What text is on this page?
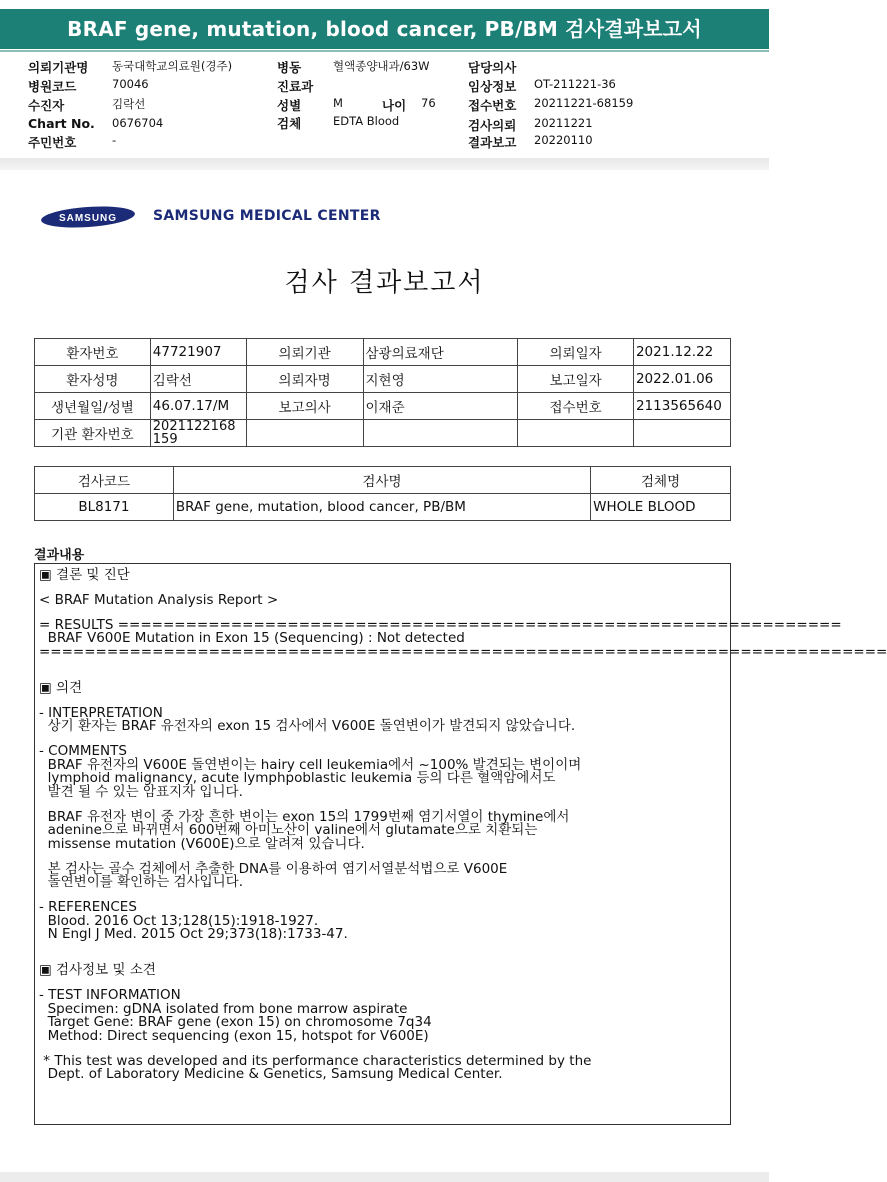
BRAF gene, mutation, blood cancer, PB/BM 검사결과보고서
의뢰기관명 동국대학교의료원(경주)
병원코드	70046
수진자	김락선
Chart No. 0676704
주민번호	-
병동	혈액종양내과/63W
진료과
성별	M	나이 76
검체	EDTA Blood
담당의사
임상정보 OT-211221-36
접수번호 20211221-68159
검사의뢰 20211221
결과보고 20220110
SAMSUNG	SAMSUNG MEDICAL CENTER
검사 결과보고서
환자번호	47721907	의뢰기관	삼광의료재단	의뢰일자	2021.12.22
환자성명	김락선	의뢰자명	지현영	보고일자	2022.01.06
생년월일/성별	46.07.17/M	보고의사	이재준	접수번호	2113565640
기관 환자번호	2021122168159				
검사코드	검사명	검체명
BL8171	BRAF gene, mutation, blood cancer, PB/BM	WHOLE BLOOD
결과내용
▣ 결론 및 진단
< BRAF Mutation Analysis Report >
= RESULTS ================================================================
BRAF V600E Mutation in Exon 15 (Sequencing) : Not detected
===========================================================================
▣ 의견
- INTERPRETATION
상기 환자는 BRAF 유전자의 exon 15 검사에서 V600E 돌연변이가 발견되지 않았습니다.
- COMMENTS
BRAF 유전자의 V600E 돌연변이는 hairy cell leukemia에서 ~100% 발견되는 변이이며
lymphoid malignancy, acute lymphpoblastic leukemia 등의 다른 혈액암에서도
발견 될 수 있는 암표지자 입니다.
BRAF 유전자 변이 중 가장 흔한 변이는 exon 15의 1799번째 염기서열이 thymine에서
adenine으로 바뀌면서 600번째 아미노산이 valine에서 glutamate으로 치환되는
missense mutation (V600E)으로 알려져 있습니다.
본 검사는 골수 검체에서 추출한 DNA를 이용하여 염기서열분석법으로 V600E
돌연변이를 확인하는 검사입니다.
- REFERENCES
Blood. 2016 Oct 13;128(15):1918-1927.
N Engl J Med. 2015 Oct 29;373(18):1733-47.
▣ 검사정보 및 소견
- TEST INFORMATION
Specimen: gDNA isolated from bone marrow aspirate
Target Gene: BRAF gene (exon 15) on chromosome 7q34
Method: Direct sequencing (exon 15, hotspot for V600E)
* This test was developed and its performance characteristics determined by the
Dept. of Laboratory Medicine & Genetics, Samsung Medical Center.
